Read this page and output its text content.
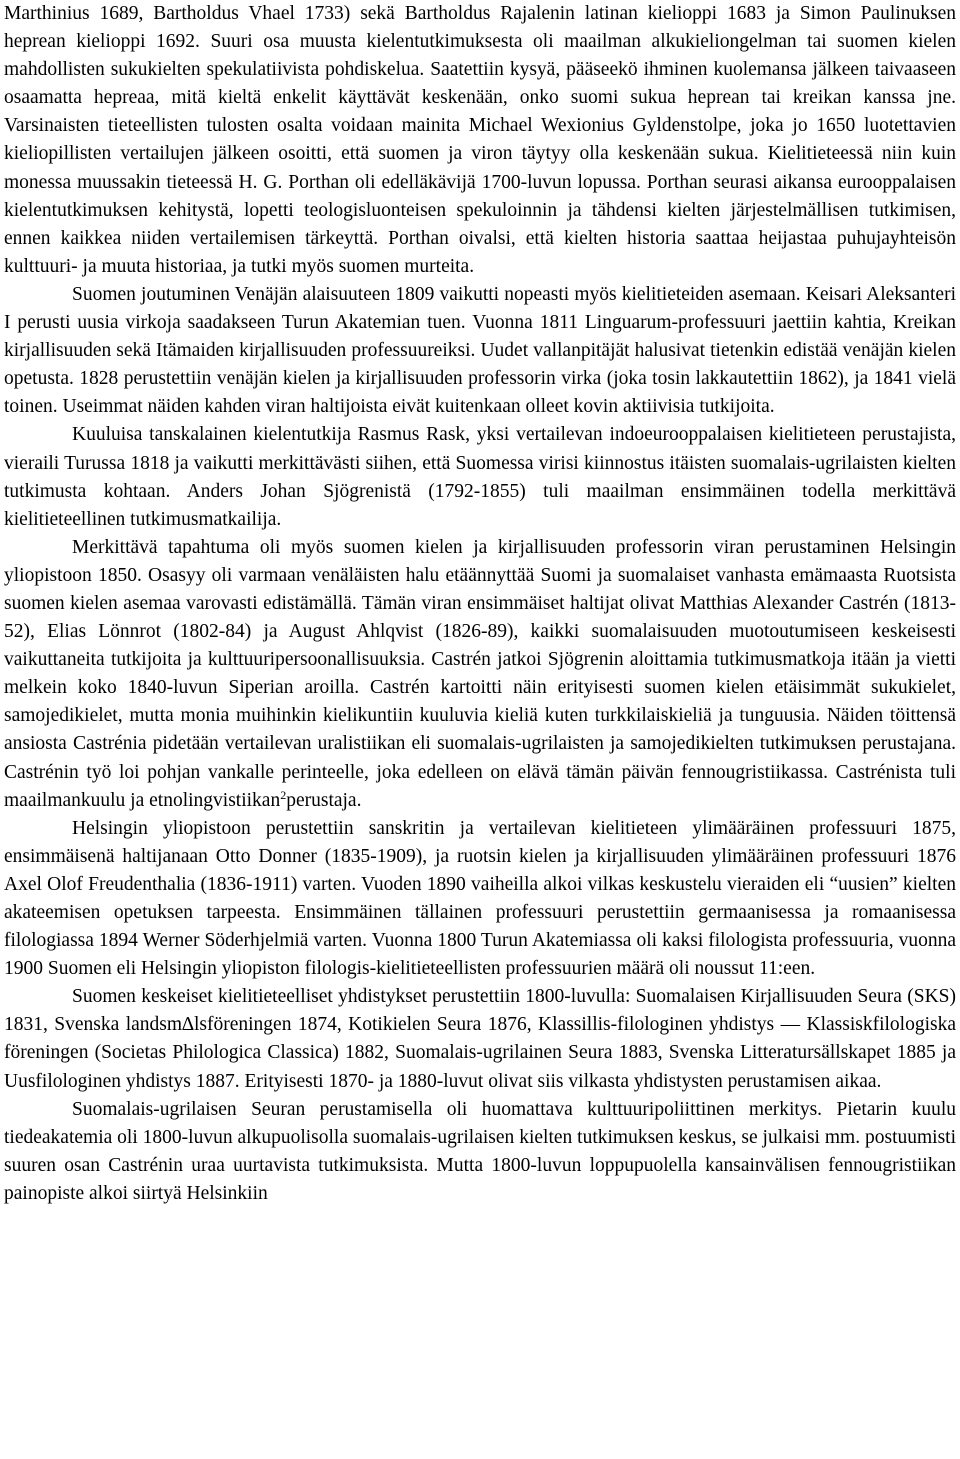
Marthinius 1689, Bartholdus Vhael 1733) sekä Bartholdus Rajalenin latinan kielioppi 1683 ja Simon Paulinuksen heprean kielioppi 1692. Suuri osa muusta kielentutkimuksesta oli maailman alkukieliongelman tai suomen kielen mahdollisten sukukielten spekulatiivista pohdiskelua. Saatettiin kysyä, pääseekö ihminen kuolemansa jälkeen taivaaseen osaamatta hepreaa, mitä kieltä enkelit käyttävät keskenään, onko suomi sukua heprean tai kreikan kanssa jne. Varsinaisten tieteellisten tulosten osalta voidaan mainita Michael Wexionius Gyldenstolpe, joka jo 1650 luotettavien kieliopillisten vertailujen jälkeen osoitti, että suomen ja viron täytyy olla keskenään sukua. Kielitieteessä niin kuin monessa muussakin tieteessä H. G. Porthan oli edelläkävijä 1700-luvun lopussa. Porthan seurasi aikansa eurooppalaisen kielentutkimuksen kehitystä, lopetti teologisluonteisen spekuloinnin ja tähdensi kielten järjestelmällisen tutkimisen, ennen kaikkea niiden vertailemisen tärkeyttä. Porthan oivalsi, että kielten historia saattaa heijastaa puhujayhteisön kulttuuri- ja muuta historiaa, ja tutki myös suomen murteita.

Suomen joutuminen Venäjän alaisuuteen 1809 vaikutti nopeasti myös kielitieteiden asemaan. Keisari Aleksanteri I perusti uusia virkoja saadakseen Turun Akatemian tuen. Vuonna 1811 Linguarum-professuuri jaettiin kahtia, Kreikan kirjallisuuden sekä Itämaiden kirjallisuuden professuureiksi. Uudet vallanpitäjät halusivat tietenkin edistää venäjän kielen opetusta. 1828 perustettiin venäjän kielen ja kirjallisuuden professorin virka (joka tosin lakkautettiin 1862), ja 1841 vielä toinen. Useimmat näiden kahden viran haltijoista eivät kuitenkaan olleet kovin aktiivisia tutkijoita.

Kuuluisa tanskalainen kielentutkija Rasmus Rask, yksi vertailevan indoeurooppalaisen kielitieteen perustajista, vieraili Turussa 1818 ja vaikutti merkittävästi siihen, että Suomessa virisi kiinnostus itäisten suomalais-ugrilaisten kielten tutkimusta kohtaan. Anders Johan Sjögrenistä (1792-1855) tuli maailman ensimmäinen todella merkittävä kielitieteellinen tutkimusmatkailija.

Merkittävä tapahtuma oli myös suomen kielen ja kirjallisuuden professorin viran perustaminen Helsingin yliopistoon 1850. Osasyy oli varmaan venäläisten halu etäännyttää Suomi ja suomalaiset vanhasta emämaasta Ruotsista suomen kielen asemaa varovasti edistämällä. Tämän viran ensimmäiset haltijat olivat Matthias Alexander Castrén (1813-52), Elias Lönnrot (1802-84) ja August Ahlqvist (1826-89), kaikki suomalaisuuden muotoutumiseen keskeisesti vaikuttaneita tutkijoita ja kulttuuripersoonallisuuksia. Castrén jatkoi Sjögrenin aloittamia tutkimusmatkoja itään ja vietti melkein koko 1840-luvun Siperian aroilla. Castrén kartoitti näin erityisesti suomen kielen etäisimmät sukukielet, samojedikielet, mutta monia muihinkin kielikuntiin kuuluvia kieliä kuten turkkilaiskieliä ja tunguusia. Näiden töittensä ansiosta Castrénia pidetään vertailevan uralistiikan eli suomalais-ugrilaisten ja samojedikielten tutkimuksen perustajana. Castrénin työ loi pohjan vankalle perinteelle, joka edelleen on elävä tämän päivän fennougristiikassa. Castrénista tuli maailmankuulu ja etnolingvistiikan$^2$perustaja.

Helsingin yliopistoon perustettiin sanskritin ja vertailevan kielitieteen ylimääräinen professuuri 1875, ensimmäisenä haltijanaan Otto Donner (1835-1909), ja ruotsin kielen ja kirjallisuuden ylimääräinen professuuri 1876 Axel Olof Freudenthalia (1836-1911) varten. Vuoden 1890 vaiheilla alkoi vilkas keskustelu vieraiden eli “uusien” kielten akateemisen opetuksen tarpeesta. Ensimmäinen tällainen professuuri perustettiin germaanisessa ja romaanisessa filologiassa 1894 Werner Söderhjelmiä varten. Vuonna 1800 Turun Akatemiassa oli kaksi filologista professuuria, vuonna 1900 Suomen eli Helsingin yliopiston filologis-kielitieteellisten professuurien määrä oli noussut 11:een.

Suomen keskeiset kielitieteelliset yhdistykset perustettiin 1800-luvulla: Suomalaisen Kirjallisuuden Seura (SKS) 1831, Svenska landsm∆lsföreningen 1874, Kotikielen Seura 1876, Klassillis-filologinen yhdistys — Klassiskfilologiska föreningen (Societas Philologica Classica) 1882, Suomalais-ugrilainen Seura 1883, Svenska Litteratursällskapet 1885 ja Uusfilologinen yhdistys 1887. Erityisesti 1870- ja 1880-luvut olivat siis vilkasta yhdistysten perustamisen aikaa.

Suomalais-ugrilaisen Seuran perustamisella oli huomattava kulttuuripoliittinen merkitys. Pietarin kuulu tiedeakatemia oli 1800-luvun alkupuolisolla suomalais-ugrilaisen kielten tutkimuksen keskus, se julkaisi mm. postuumisti suuren osan Castrénin uraa uurtavista tutkimuksista. Mutta 1800-luvun loppupuolella kansainvälisen fennougristiikan painopiste alkoi siirtyä Helsinkiin
